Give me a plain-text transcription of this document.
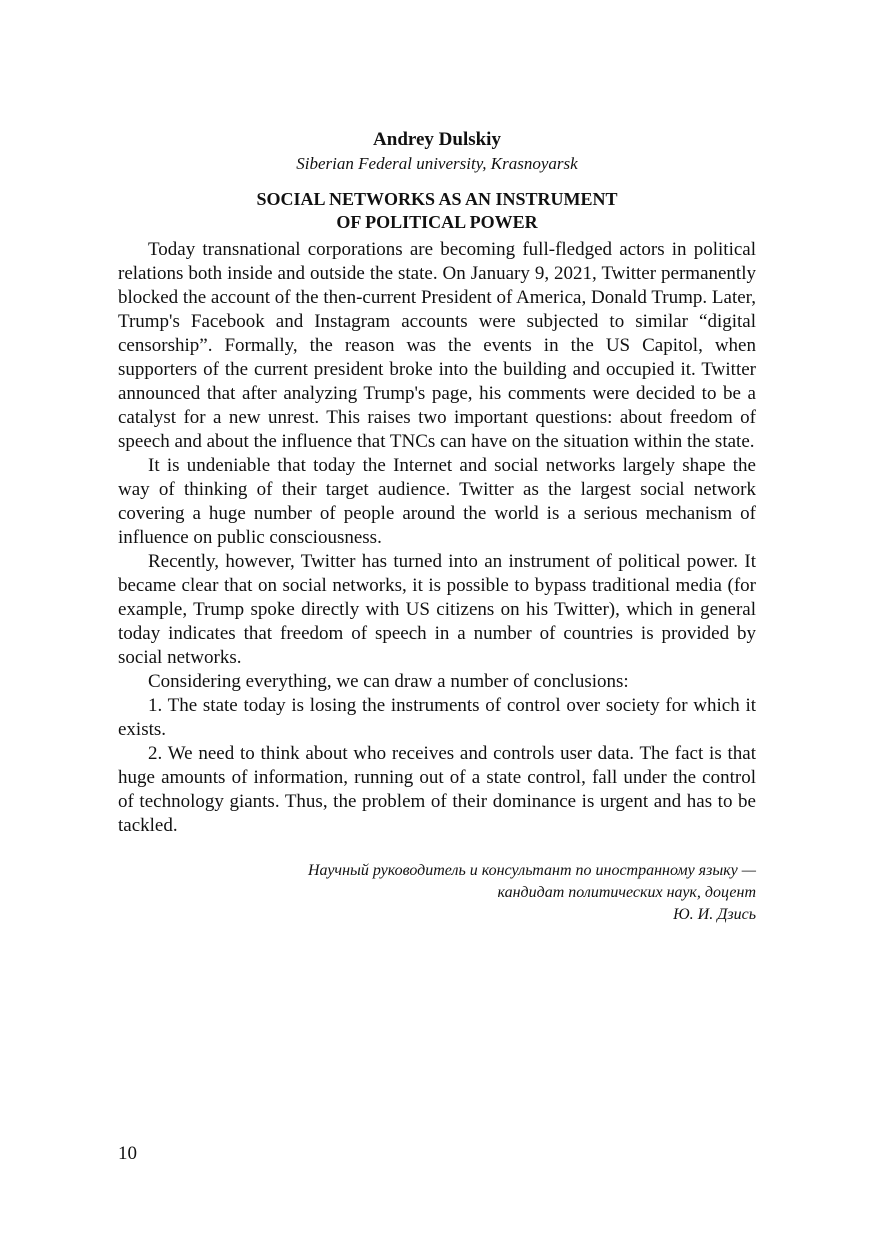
Andrey Dulskiy

Siberian Federal university, Krasnoyarsk

SOCIAL NETWORKS AS AN INSTRUMENT
OF POLITICAL POWER

Today transnational corporations are becoming full-fledged actors in political relations both inside and outside the state. On January 9, 2021, Twitter permanently blocked the account of the then-current President of America, Donald Trump. Later, Trump's Facebook and Instagram accounts were subjected to similar “digital censorship”. Formally, the reason was the events in the US Capitol, when supporters of the current president broke into the building and occupied it. Twitter announced that after analyzing Trump's page, his comments were decided to be a catalyst for a new unrest. This raises two important questions: about freedom of speech and about the influence that TNCs can have on the situation within the state.

It is undeniable that today the Internet and social networks largely shape the way of thinking of their target audience. Twitter as the largest social network covering a huge number of people around the world is a serious mechanism of influence on public consciousness.

Recently, however, Twitter has turned into an instrument of political power. It became clear that on social networks, it is possible to bypass traditional media (for example, Trump spoke directly with US citizens on his Twitter), which in general today indicates that freedom of speech in a number of countries is provided by social networks.

Considering everything, we can draw a number of conclusions:

1. The state today is losing the instruments of control over society for which it exists.

2. We need to think about who receives and controls user data. The fact is that huge amounts of information, running out of a state control, fall under the control of technology giants. Thus, the problem of their dominance is urgent and has to be tackled.

Научный руководитель и консультант по иностранному языку —
кандидат политических наук, доцент
Ю. И. Дзись
10
